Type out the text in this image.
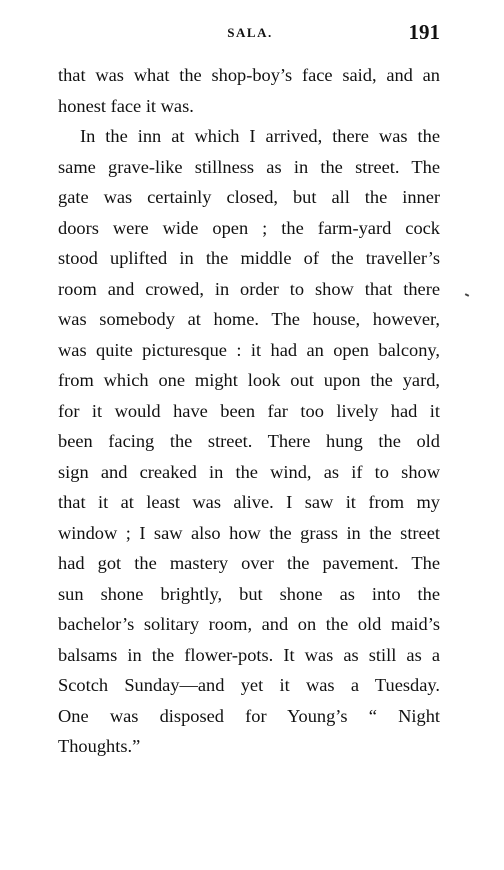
SALA.	191
that was what the shop-boy’s face said, and an
honest face it was.
In the inn at which I arrived, there was the
same grave-like stillness as in the street. The
gate was certainly closed, but all the inner
doors were wide open ; the farm-yard cock
stood uplifted in the middle of the traveller’s
room and crowed, in order to show that there
was somebody at home. The house, however,
was quite picturesque : it had an open balcony,
from which one might look out upon the yard,
for it would have been far too lively had it
been facing the street. There hung the old
sign and creaked in the wind, as if to show
that it at least was alive. I saw it from my
window ; I saw also how the grass in the street
had got the mastery over the pavement. The
sun shone brightly, but shone as into the
bachelor’s solitary room, and on the old maid’s
balsams in the flower-pots. It was as still as a
Scotch Sunday—and yet it was a Tuesday.
One was disposed for Young’s “ Night
Thoughts.”
